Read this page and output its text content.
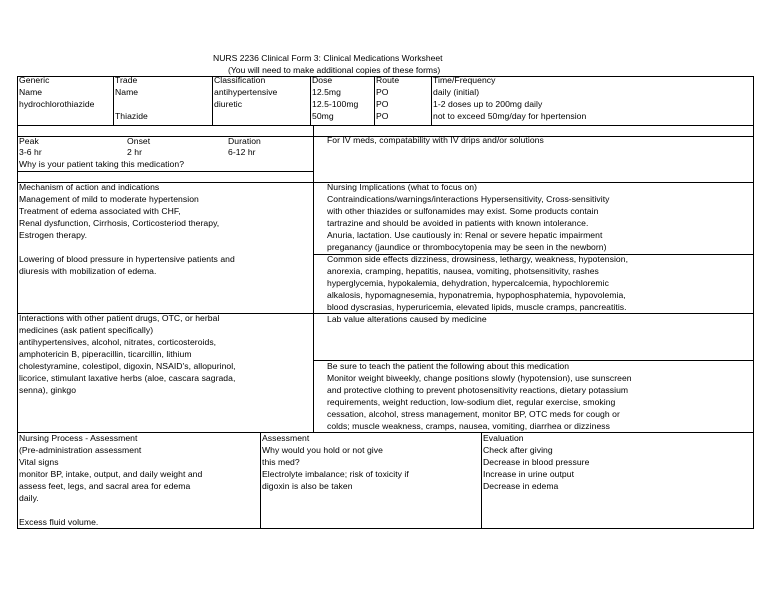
NURS 2236 Clinical Form 3: Clinical Medications Worksheet
(You will need to make additional copies of these forms)
Generic
Name
hydrochlorothiazide
Trade
Name
Thiazide
Classification
antihypertensive
diuretic
Dose
12.5mg
12.5-100mg
50mg
Route
PO
PO
PO
Time/Frequency
daily (initial)
1-2 doses up to 200mg daily
not to exceed 50mg/day for hpertension
Peak
3-6 hr
Onset
2 hr
Duration
6-12 hr
For IV meds, compatability with IV drips and/or solutions
Why is your patient taking this medication?
Mechanism of action and indications
Management of mild to moderate hypertension
Treatment of edema associated with CHF,
Renal dysfunction, Cirrhosis, Corticosteriod therapy,
Estrogen therapy.
Lowering of blood pressure in hypertensive patients and
diuresis with mobilization of edema.
Nursing Implications (what to focus on)
Contraindications/warnings/interactions Hypersensitivity, Cross-sensitivity
with other thiazides or sulfonamides may exist. Some products contain
tartrazine and should be avoided in patients with known intolerance.
Anuria, lactation. Use cautiously in: Renal or severe hepatic impairment
preganancy (jaundice or thrombocytopenia may be seen in the newborn)
Common side effects dizziness, drowsiness, lethargy, weakness, hypotension,
anorexia, cramping, hepatitis, nausea, vomiting, photsensitivity, rashes
hyperglycemia, hypokalemia, dehydration, hypercalcemia, hypochloremic
alkalosis, hypomagnesemia, hyponatremia, hypophosphatemia, hypovolemia,
blood dyscrasias, hyperuricemia, elevated lipids, muscle cramps, pancreatitis.
Interactions with other patient drugs, OTC, or herbal
medicines (ask patient specifically)
antihypertensives, alcohol, nitrates, corticosteroids,
amphotericin B, piperacillin, ticarcillin, lithium
cholestyramine, colestipol, digoxin, NSAID's, allopurinol,
licorice, stimulant laxative herbs (aloe, cascara sagrada,
senna), ginkgo
Lab value alterations caused by medicine
Be sure to teach the patient the following about this medication
Monitor weight biweekly, change positions slowly (hypotension), use sunscreen
and protective clothing to prevent photosensitivity reactions, dietary potassium
requirements, weight reduction, low-sodium diet, regular exercise, smoking
cessation, alcohol, stress management, monitor BP, OTC meds for cough or
colds; muscle weakness, cramps, nausea, vomiting, diarrhea or dizziness
Nursing Process - Assessment
(Pre-administration assessment
Vital signs
monitor BP, intake, output, and daily weight and
assess feet, legs, and sacral area for edema
daily.
Excess fluid volume.
Assessment
Why would you hold or not give
this med?
Electrolyte imbalance; risk of toxicity if
digoxin is also be taken
Evaluation
Check after giving
Decrease in blood pressure
Increase in urine output
Decrease in edema
